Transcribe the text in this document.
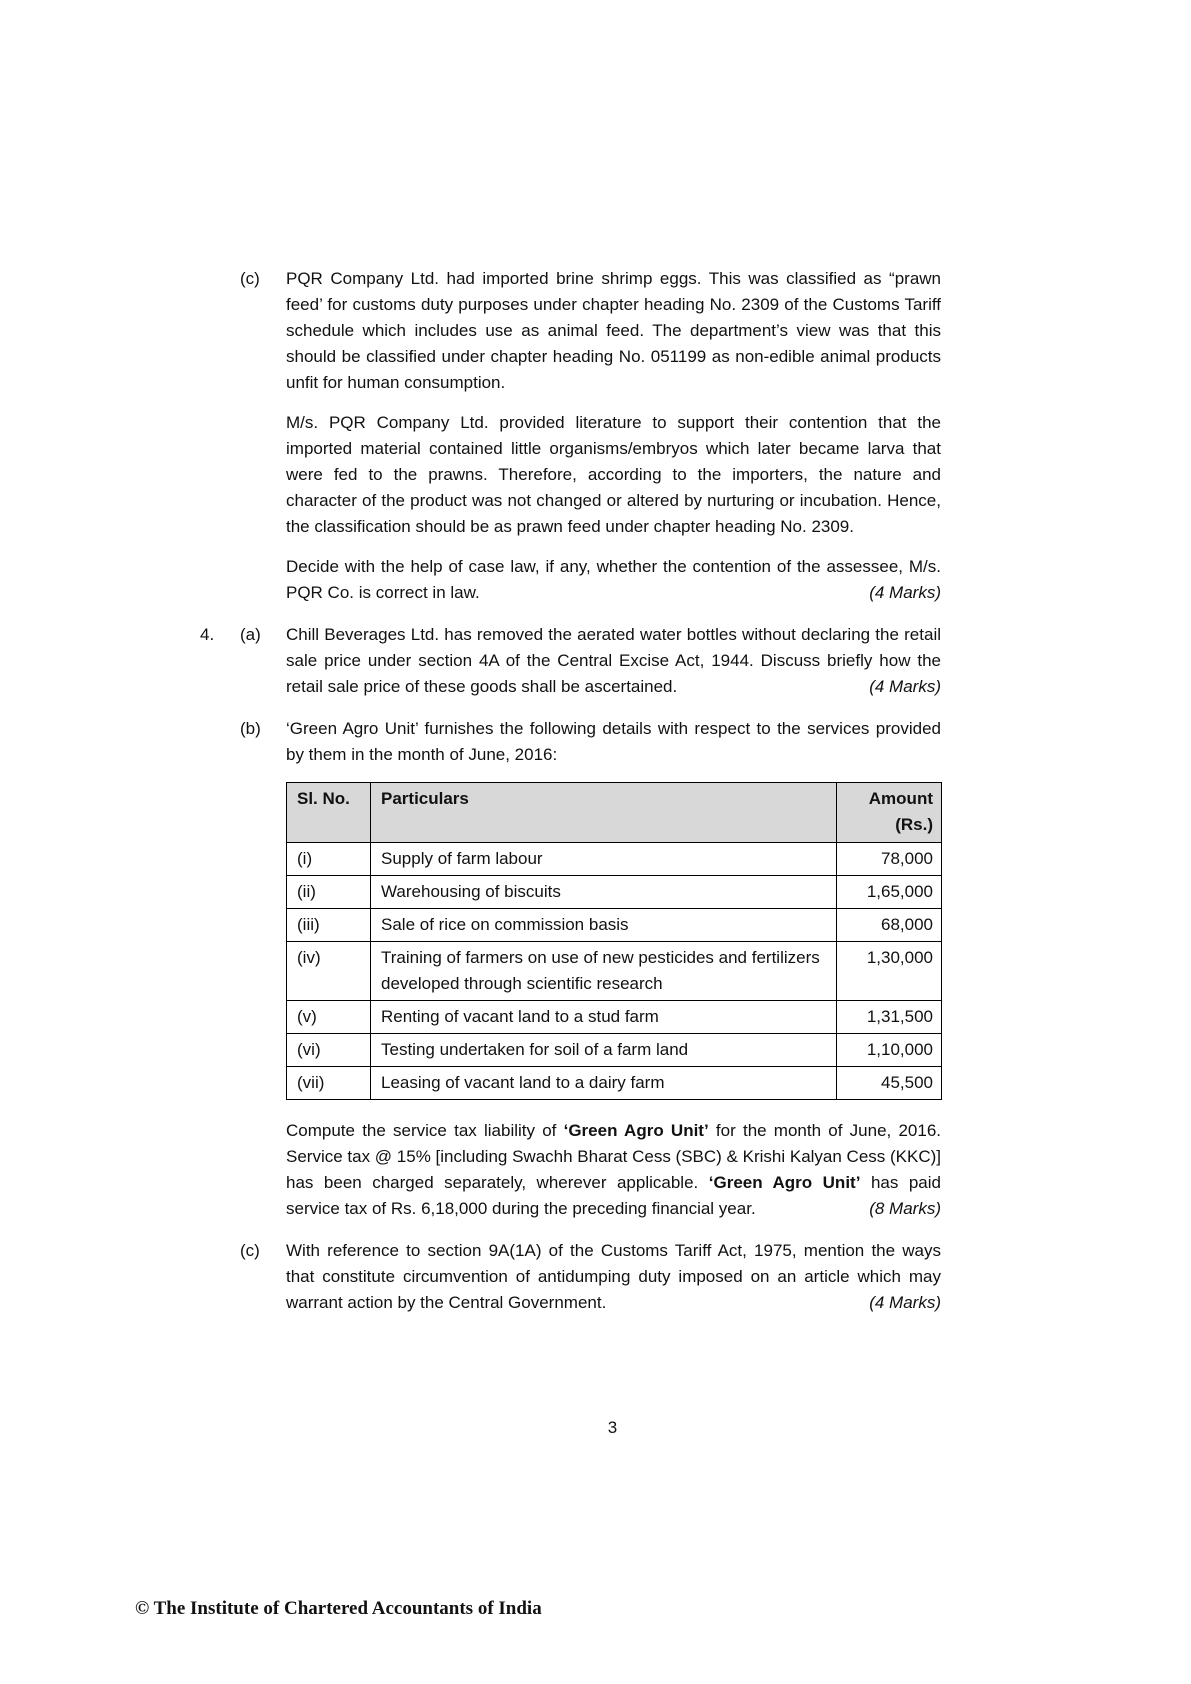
(c)	PQR Company Ltd. had imported brine shrimp eggs. This was classified as “prawn feed’ for customs duty purposes under chapter heading No. 2309 of the Customs Tariff schedule which includes use as animal feed. The department’s view was that this should be classified under chapter heading No. 051199 as non-edible animal products unfit for human consumption.

M/s. PQR Company Ltd. provided literature to support their contention that the imported material contained little organisms/embryos which later became larva that were fed to the prawns. Therefore, according to the importers, the nature and character of the product was not changed or altered by nurturing or incubation. Hence, the classification should be as prawn feed under chapter heading No. 2309.

Decide with the help of case law, if any, whether the contention of the assessee, M/s. PQR Co. is correct in law.	(4 Marks)

4.	(a)	Chill Beverages Ltd. has removed the aerated water bottles without declaring the retail sale price under section 4A of the Central Excise Act, 1944. Discuss briefly how the retail sale price of these goods shall be ascertained.	(4 Marks)

(b)	‘Green Agro Unit’ furnishes the following details with respect to the services provided by them in the month of June, 2016:

Sl. No.	Particulars	Amount
(Rs.)

(i)	Supply of farm labour	78,000
(ii)	Warehousing of biscuits	1,65,000
(iii)	Sale of rice on commission basis	68,000
(iv)	Training of farmers on use of new pesticides and fertilizers developed through scientific research	1,30,000
(v)	Renting of vacant land to a stud farm	1,31,500
(vi)	Testing undertaken for soil of a farm land	1,10,000
(vii)	Leasing of vacant land to a dairy farm	45,500

Compute the service tax liability of ‘Green Agro Unit’ for the month of June, 2016. Service tax @ 15% [including Swachh Bharat Cess (SBC) & Krishi Kalyan Cess (KKC)] has been charged separately, wherever applicable. ‘Green Agro Unit’ has paid service tax of Rs. 6,18,000 during the preceding financial year.	(8 Marks)

(c)	With reference to section 9A(1A) of the Customs Tariff Act, 1975, mention the ways that constitute circumvention of antidumping duty imposed on an article which may warrant action by the Central Government.	(4 Marks)

3
© The Institute of Chartered Accountants of India
